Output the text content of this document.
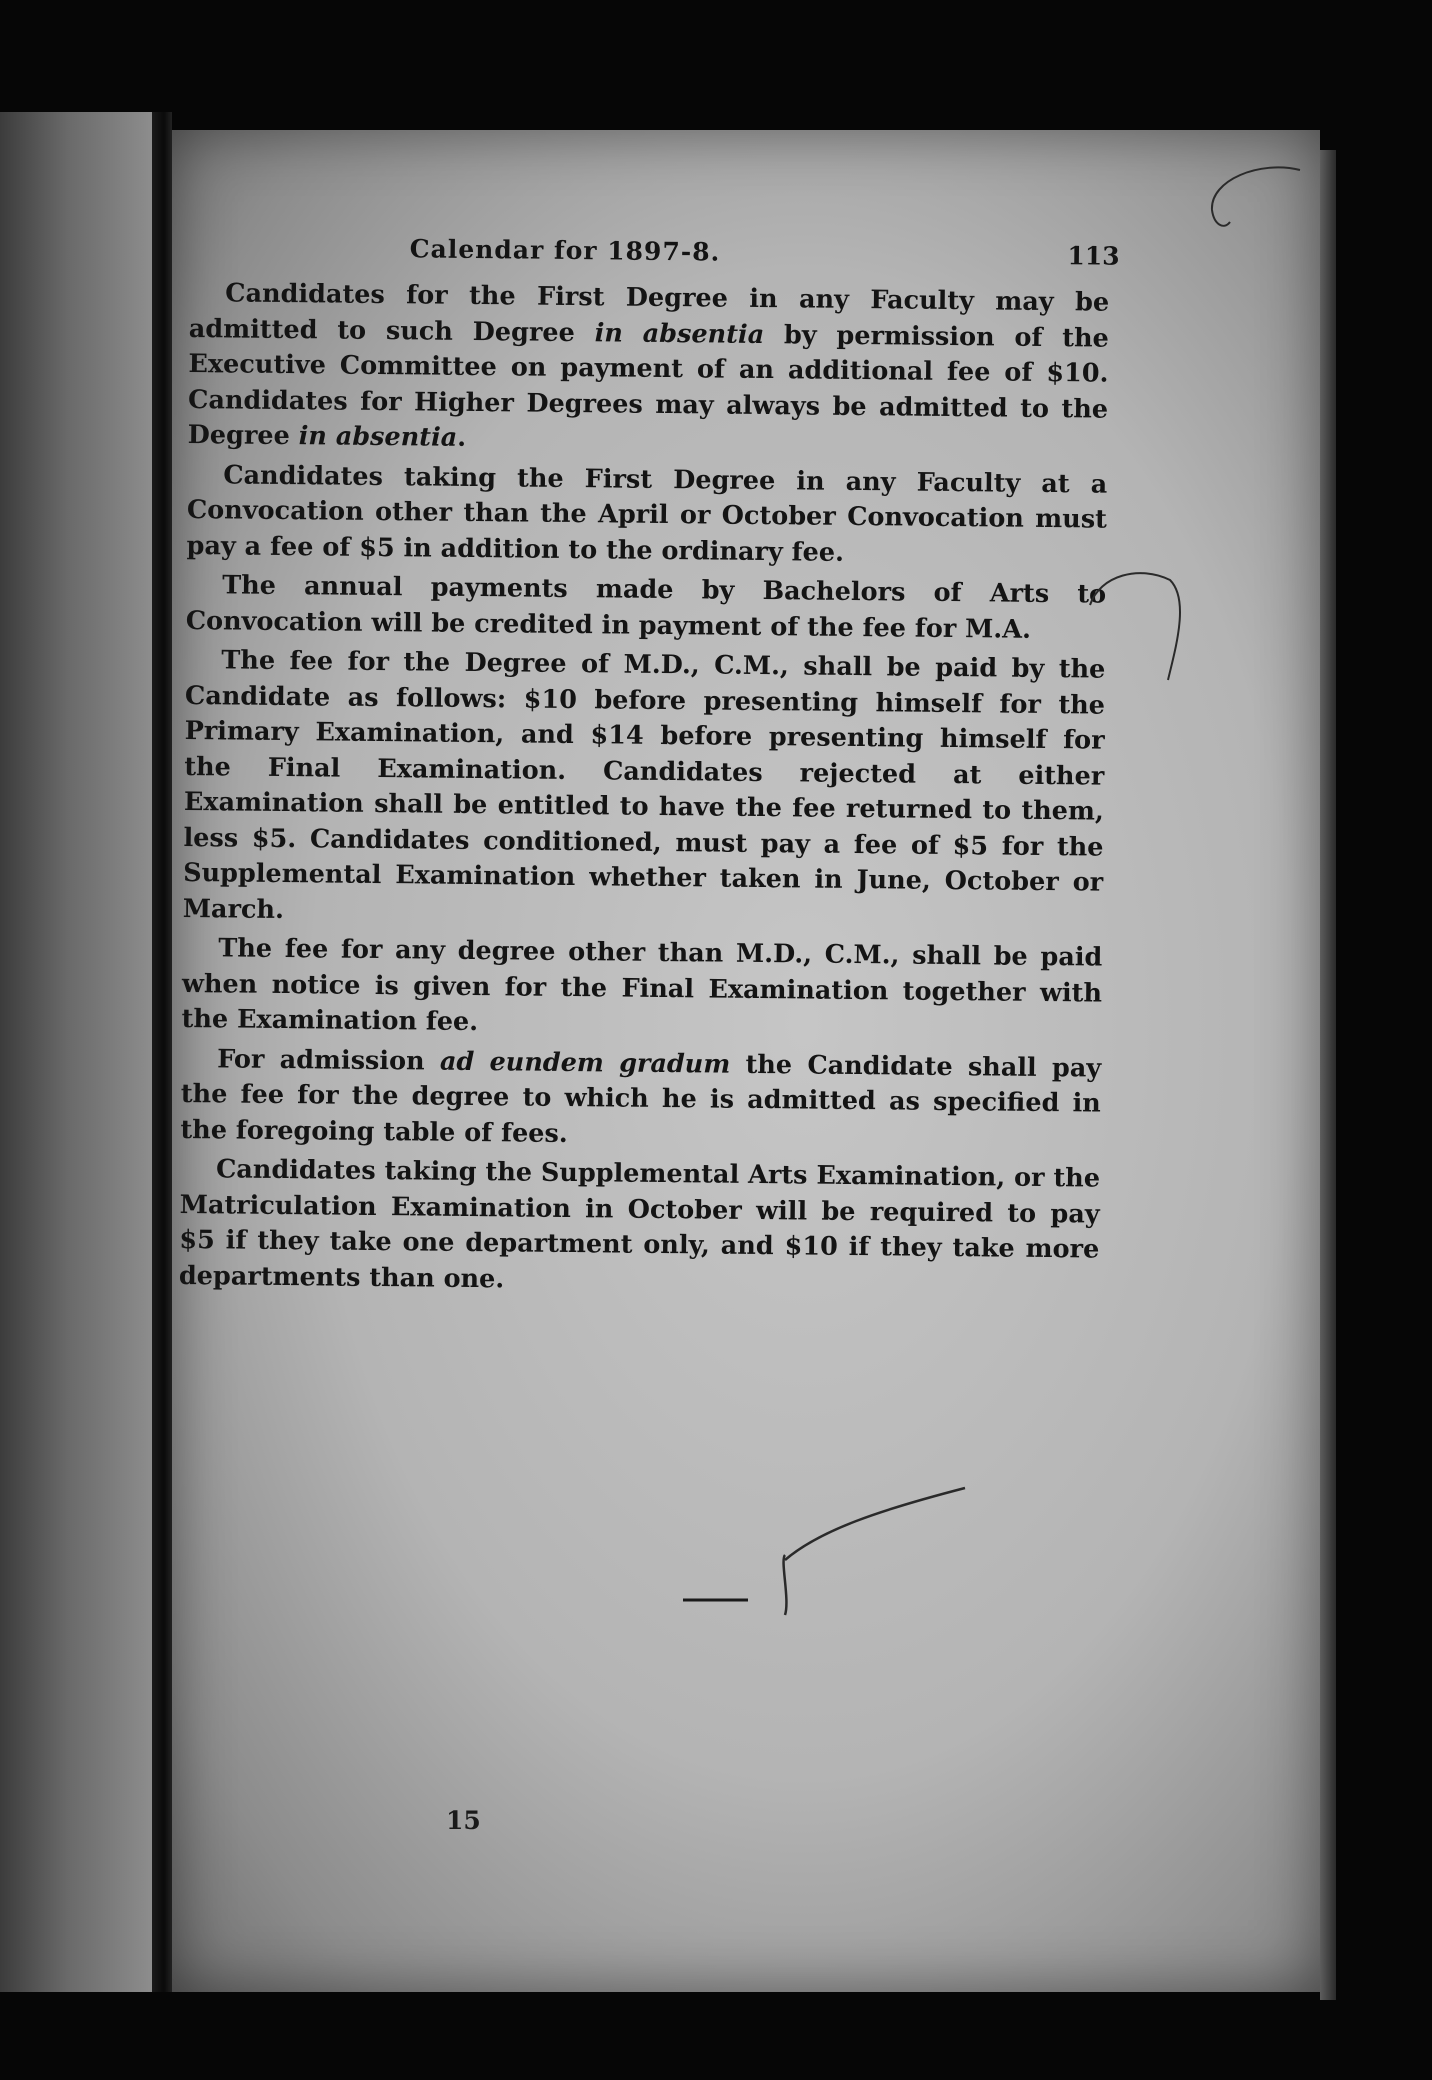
Calendar for 1897-8.	113

Candidates for the First Degree in any Faculty may be admitted to such Degree in absentia by permission of the Executive Committee on payment of an additional fee of $10. Candidates for Higher Degrees may always be admitted to the Degree in absentia.

Candidates taking the First Degree in any Faculty at a Convocation other than the April or October Convocation must pay a fee of $5 in addition to the ordinary fee.

The annual payments made by Bachelors of Arts to Convocation will be credited in payment of the fee for M.A.

The fee for the Degree of M.D., C.M., shall be paid by the Candidate as follows: $10 before presenting himself for the Primary Examination, and $14 before presenting himself for the Final Examination. Candidates rejected at either Examination shall be entitled to have the fee returned to them, less $5. Candidates conditioned, must pay a fee of $5 for the Supplemental Examination whether taken in June, October or March.

The fee for any degree other than M.D., C.M., shall be paid when notice is given for the Final Examination together with the Examination fee.

For admission ad eundem gradum the Candidate shall pay the fee for the degree to which he is admitted as specified in the foregoing table of fees.

Candidates taking the Supplemental Arts Examination, or the Matriculation Examination in October will be required to pay $5 if they take one department only, and $10 if they take more departments than one.

15
